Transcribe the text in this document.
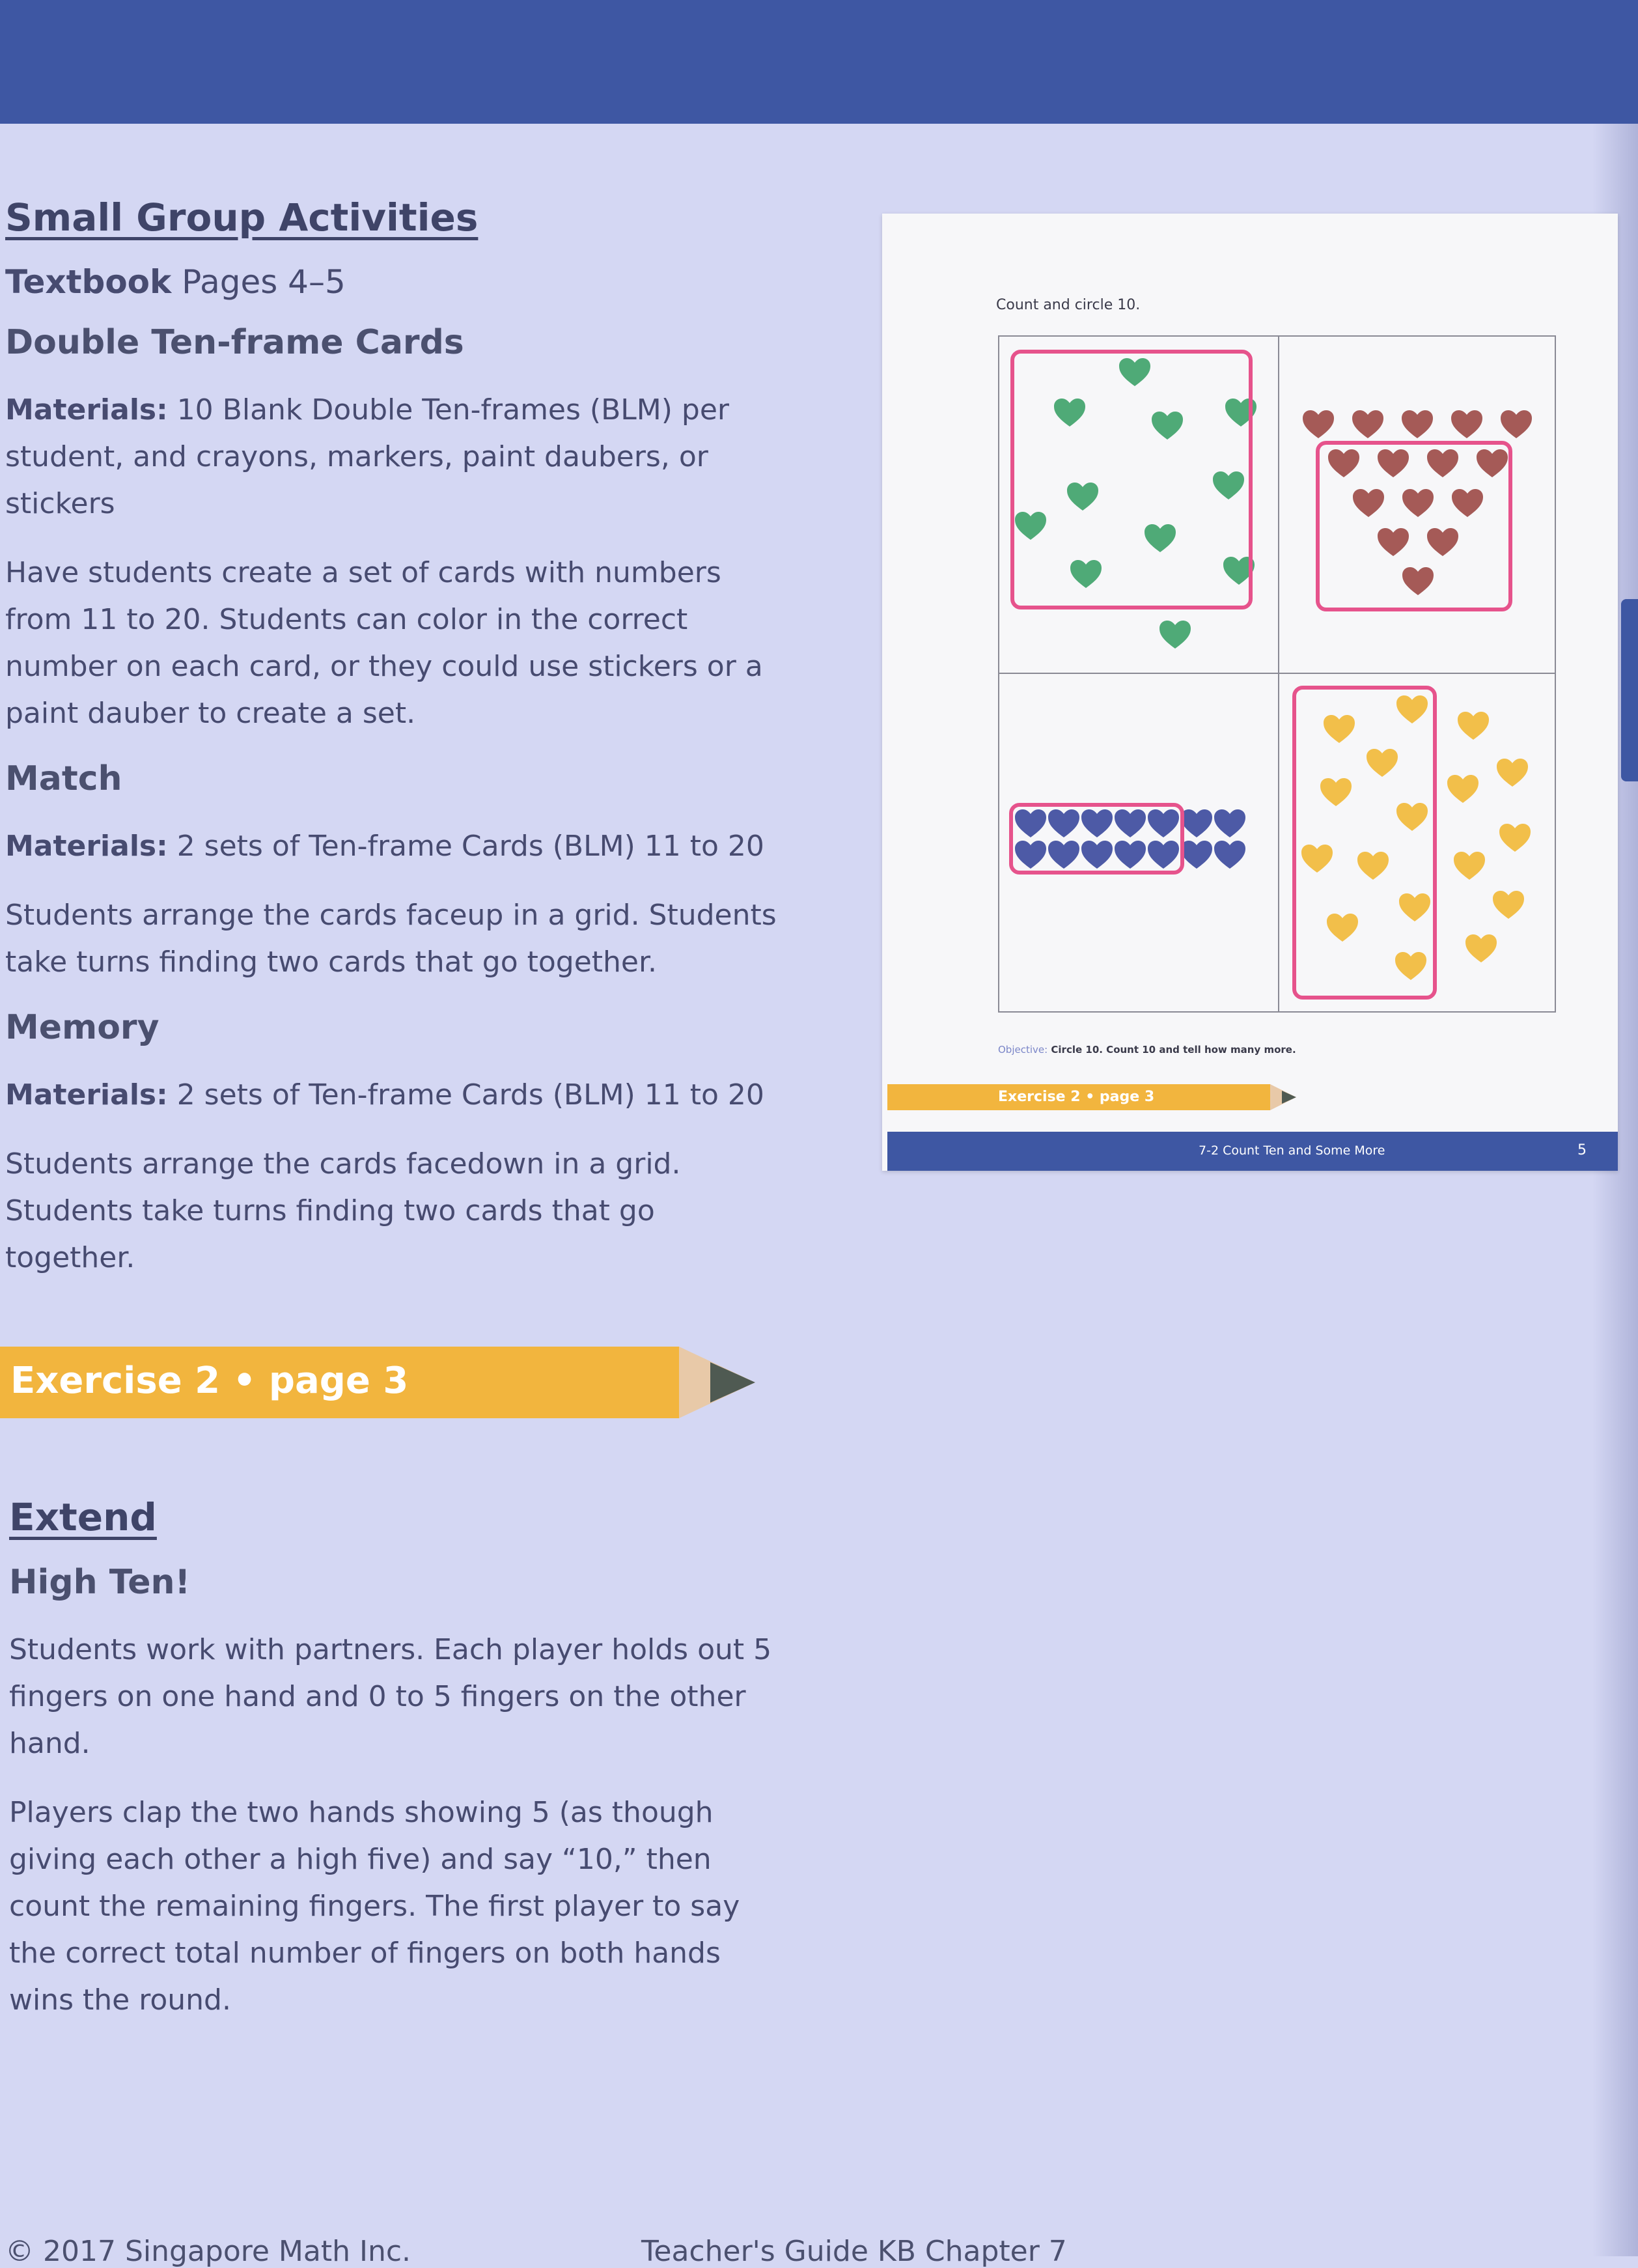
Small Group Activities
Textbook Pages 4–5
Double Ten-frame Cards
Materials: 10 Blank Double Ten-frames (BLM) per student, and crayons, markers, paint daubers, or stickers
Have students create a set of cards with numbers from 11 to 20. Students can color in the correct number on each card, or they could use stickers or a paint dauber to create a set.
Match
Materials: 2 sets of Ten-frame Cards (BLM) 11 to 20
Students arrange the cards faceup in a grid. Students take turns finding two cards that go together.
Memory
Materials: 2 sets of Ten-frame Cards (BLM) 11 to 20
Students arrange the cards facedown in a grid. Students take turns finding two cards that go together.
Exercise 2 • page 3
Extend
High Ten!
Students work with partners. Each player holds out 5 fingers on one hand and 0 to 5 fingers on the other hand.
Players clap the two hands showing 5 (as though giving each other a high five) and say “10,” then count the remaining fingers. The first player to say the correct total number of fingers on both hands wins the round.
Count and circle 10.
Objective: Circle 10. Count 10 and tell how many more.
Exercise 2 • page 3
7-2 Count Ten and Some More	5
© 2017 Singapore Math Inc.	Teacher's Guide KB Chapter 7
